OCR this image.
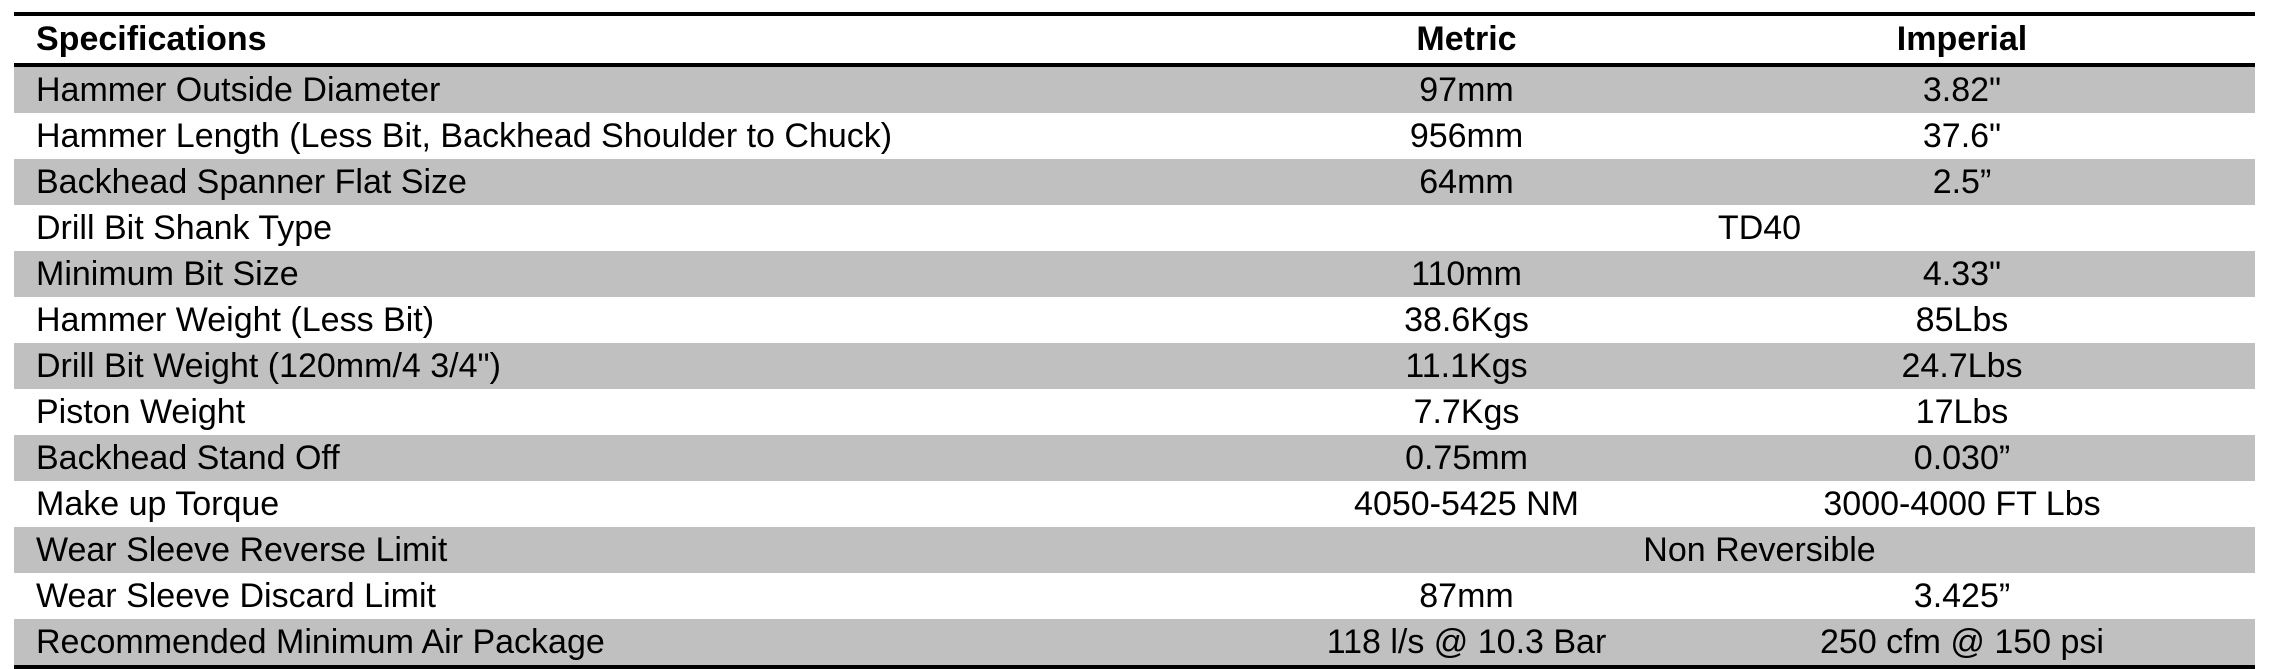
Specifications	Metric	Imperial
Hammer Outside Diameter	97mm	3.82"
Hammer Length (Less Bit, Backhead Shoulder to Chuck)	956mm	37.6"
Backhead Spanner Flat Size	64mm	2.5”
Drill Bit Shank Type	TD40	
Minimum Bit Size	110mm	4.33"
Hammer Weight (Less Bit)	38.6Kgs	85Lbs
Drill Bit Weight (120mm/4 3/4")	11.1Kgs	24.7Lbs
Piston Weight	7.7Kgs	17Lbs
Backhead Stand Off	0.75mm	0.030”
Make up Torque	4050-5425 NM	3000-4000 FT Lbs
Wear Sleeve Reverse Limit	Non Reversible	
Wear Sleeve Discard Limit	87mm	3.425”
Recommended Minimum Air Package	118 l/s @ 10.3 Bar	250 cfm @ 150 psi
